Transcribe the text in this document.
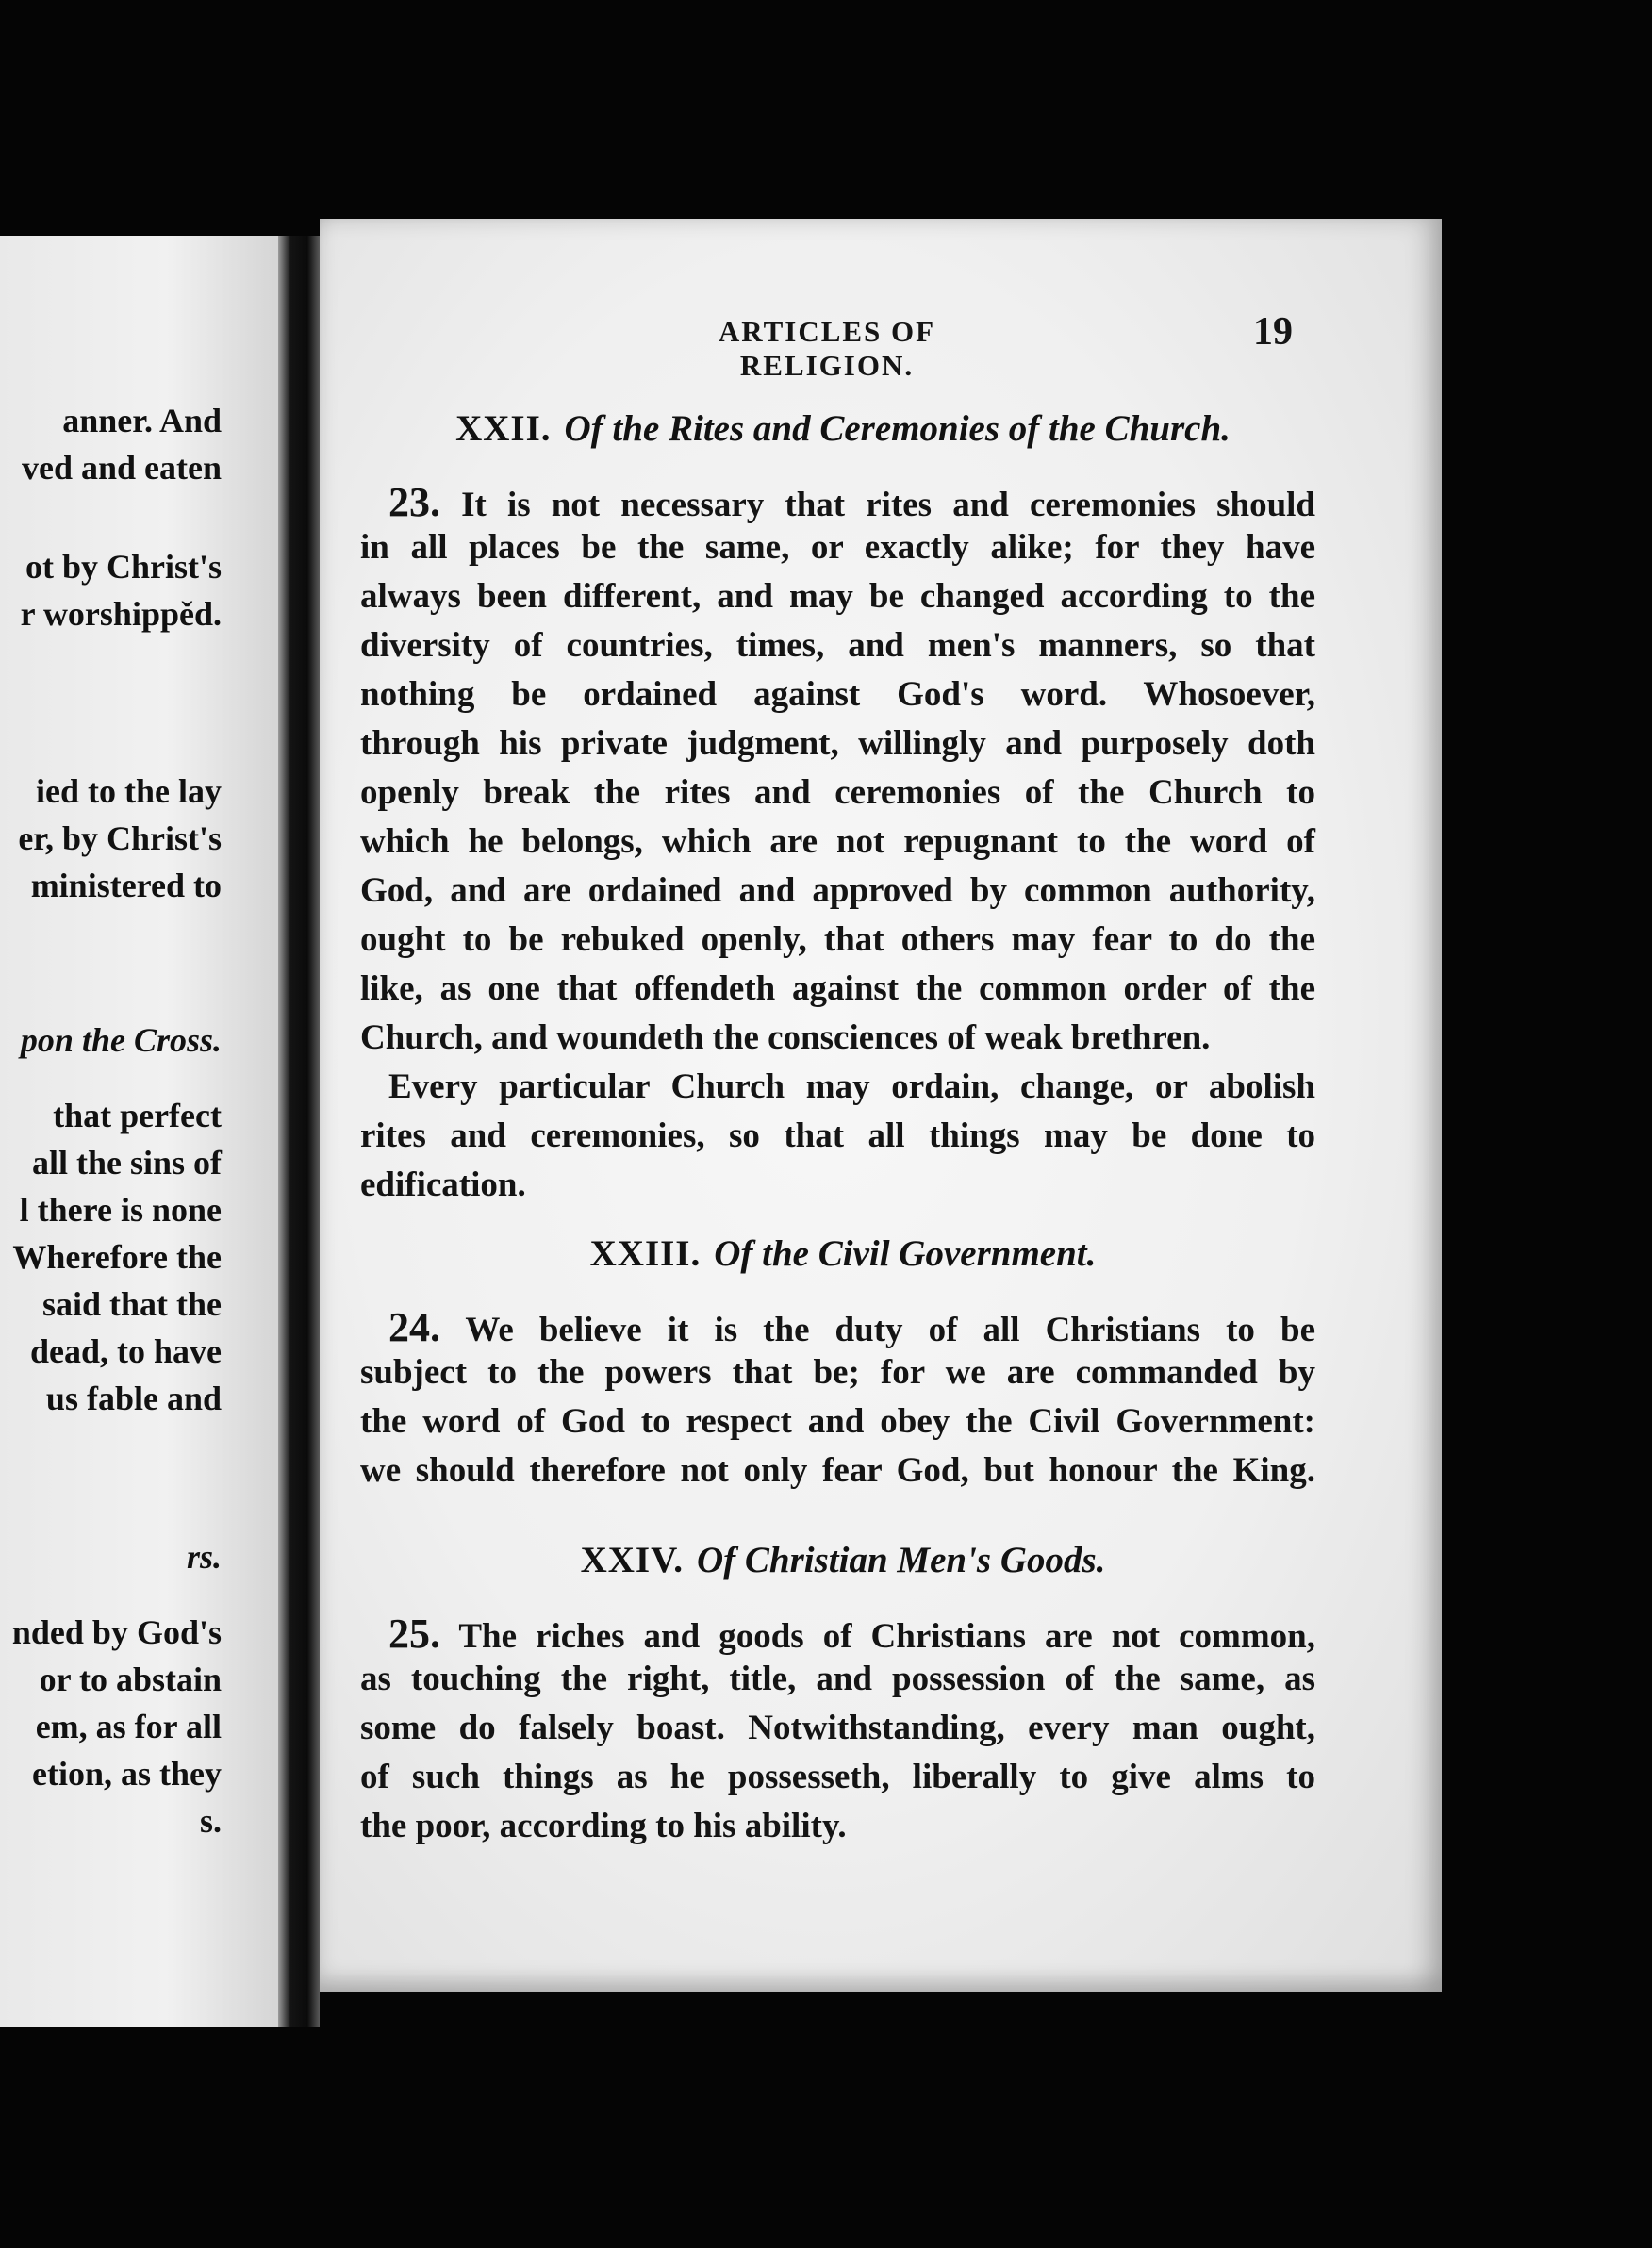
anner. And
ved and eaten
ot by Christ's
r worshippěd.
ied to the lay
er, by Christ's
ministered to
pon the Cross.
that perfect
all the sins of
l there is none
Wherefore the
said that the
dead, to have
us fable and
rs.
nded by God's
or to abstain
em, as for all
etion, as they
s.
ARTICLES OF RELIGION.
19
XXII. Of the Rites and Ceremonies of the Church.
23. It is not necessary that rites and ceremonies should
in all places be the same, or exactly alike; for they have
always been different, and may be changed according to the
diversity of countries, times, and men's manners, so that
nothing be ordained against God's word. Whosoever,
through his private judgment, willingly and purposely doth
openly break the rites and ceremonies of the Church to
which he belongs, which are not repugnant to the word of
God, and are ordained and approved by common authority,
ought to be rebuked openly, that others may fear to do the
like, as one that offendeth against the common order of the
Church, and woundeth the consciences of weak brethren.
Every particular Church may ordain, change, or abolish
rites and ceremonies, so that all things may be done to
edification.
XXIII. Of the Civil Government.
24. We believe it is the duty of all Christians to be
subject to the powers that be; for we are commanded by
the word of God to respect and obey the Civil Government:
we should therefore not only fear God, but honour the King.
XXIV. Of Christian Men's Goods.
25. The riches and goods of Christians are not common,
as touching the right, title, and possession of the same, as
some do falsely boast. Notwithstanding, every man ought,
of such things as he possesseth, liberally to give alms to
the poor, according to his ability.
